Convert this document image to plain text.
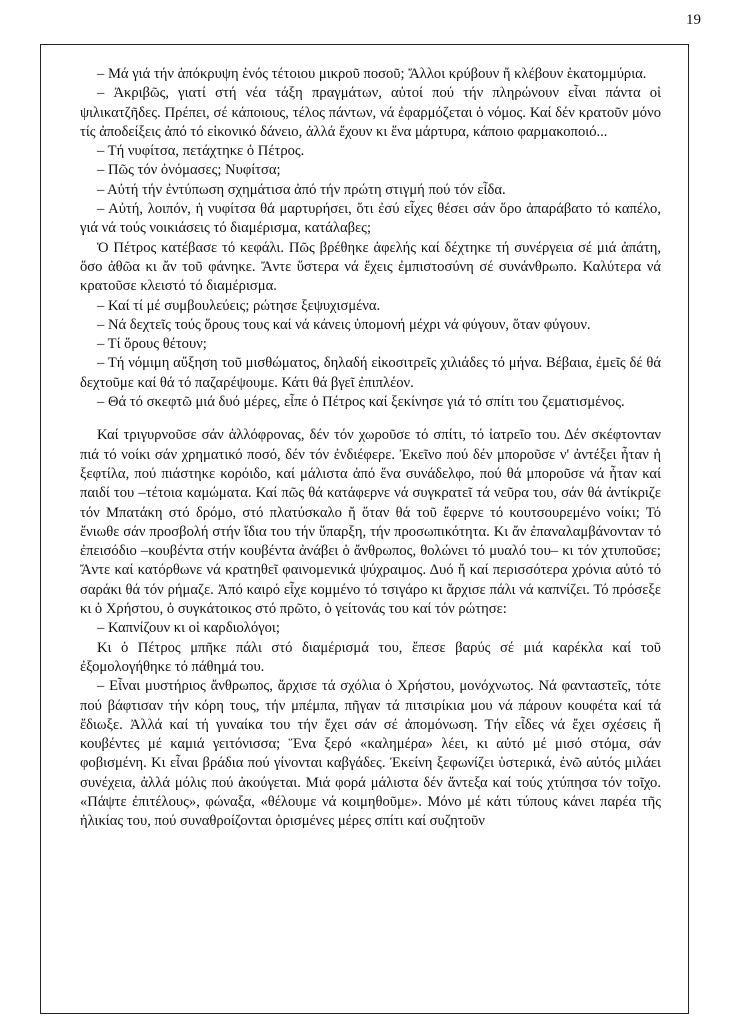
19

– Μά γιά τήν ἀπόκρυψη ἑνός τέτοιου μικροῦ ποσοῦ; Ἄλλοι κρύβουν ἤ κλέβουν ἑκατομμύρια.

– Ἀκριβῶς, γιατί στή νέα τάξη πραγμάτων, αὐτοί πού τήν πληρώνουν εἶναι πάντα οἱ ψιλικατζῆδες. Πρέπει, σέ κάποιους, τέλος πάντων, νά ἐφαρμόζεται ὁ νόμος. Καί δέν κρατοῦν μόνο τίς ἀποδείξεις ἀπό τό εἰκονικό δάνειο, ἀλλά ἔχουν κι ἕνα μάρτυρα, κάποιο φαρμακοποιό...

– Τή νυφίτσα, πετάχτηκε ὁ Πέτρος.

– Πῶς τόν ὀνόμασες; Νυφίτσα;

– Αὐτή τήν ἐντύπωση σχημάτισα ἀπό τήν πρώτη στιγμή πού τόν εἶδα.

– Αὐτή, λοιπόν, ἡ νυφίτσα θά μαρτυρήσει, ὅτι ἐσύ εἶχες θέσει σάν ὅρο ἀπαράβατο τό καπέλο, γιά νά τούς νοικιάσεις τό διαμέρισμα, κατάλαβες;

Ὁ Πέτρος κατέβασε τό κεφάλι. Πῶς βρέθηκε ἀφελής καί δέχτηκε τή συνέργεια σέ μιά ἀπάτη, ὅσο ἀθῶα κι ἄν τοῦ φάνηκε. Ἄντε ὕστερα νά ἔχεις ἐμπιστοσύνη σέ συνάνθρωπο. Καλύτερα νά κρατοῦσε κλειστό τό διαμέρισμα.

– Καί τί μέ συμβουλεύεις; ρώτησε ξεψυχισμένα.

– Νά δεχτεῖς τούς ὅρους τους καί νά κάνεις ὑπομονή μέχρι νά φύγουν, ὅταν φύγουν.

– Τί ὅρους θέτουν;

– Τή νόμιμη αὔξηση τοῦ μισθώματος, δηλαδή εἰκοσιτρεῖς χιλιάδες τό μήνα. Βέβαια, ἐμεῖς δέ θά δεχτοῦμε καί θά τό παζαρέψουμε. Κάτι θά βγεῖ ἐπιπλέον.

– Θά τό σκεφτῶ μιά δυό μέρες, εἶπε ὁ Πέτρος καί ξεκίνησε γιά τό σπίτι του ζεματισμένος.

Καί τριγυρνοῦσε σάν ἀλλόφρονας, δέν τόν χωροῦσε τό σπίτι, τό ἰατρεῖο του. Δέν σκέφτονταν πιά τό νοίκι σάν χρηματικό ποσό, δέν τόν ἐνδιέφερε. Ἐκεῖνο πού δέν μποροῦσε ν' ἀντέξει ἦταν ἡ ξεφτίλα, πού πιάστηκε κορόιδο, καί μάλιστα ἀπό ἕνα συνάδελφο, πού θά μποροῦσε νά ἦταν καί παιδί του –τέτοια καμώματα. Καί πῶς θά κατάφερνε νά συγκρατεῖ τά νεῦρα του, σάν θά ἀντίκριζε τόν Μπατάκη στό δρόμο, στό πλατύσκαλο ἤ ὅταν θά τοῦ ἔφερνε τό κουτσουρεμένο νοίκι; Τό ἔνιωθε σάν προσβολή στήν ἴδια του τήν ὕπαρξη, τήν προσωπικότητα. Κι ἄν ἐπαναλαμβάνονταν τό ἐπεισόδιο –κουβέντα στήν κουβέντα ἀνάβει ὁ ἄνθρωπος, θολώνει τό μυαλό του– κι τόν χτυποῦσε; Ἄντε καί κατόρθωνε νά κρατηθεῖ φαινομενικά ψύχραιμος. Δυό ἤ καί περισσότερα χρόνια αὐτό τό σαράκι θά τόν ρήμαζε. Ἀπό καιρό εἶχε κομμένο τό τσιγάρο κι ἄρχισε πάλι νά καπνίζει. Τό πρόσεξε κι ὁ Χρήστου, ὁ συγκάτοικος στό πρῶτο, ὁ γείτονάς του καί τόν ρώτησε:

– Καπνίζουν κι οἱ καρδιολόγοι;

Κι ὁ Πέτρος μπῆκε πάλι στό διαμέρισμά του, ἔπεσε βαρύς σέ μιά καρέκλα καί τοῦ ἐξομολογήθηκε τό πάθημά του.

– Εἶναι μυστήριος ἄνθρωπος, ἄρχισε τά σχόλια ὁ Χρήστου, μονόχνωτος. Νά φανταστεῖς, τότε πού βάφτισαν τήν κόρη τους, τήν μπέμπα, πῆγαν τά πιτσιρίκια μου νά πάρουν κουφέτα καί τά ἔδιωξε. Ἀλλά καί τή γυναίκα του τήν ἔχει σάν σέ ἀπομόνωση. Τήν εἶδες νά ἔχει σχέσεις ἤ κουβέντες μέ καμιά γειτόνισσα; Ἕνα ξερό «καλημέρα» λέει, κι αὐτό μέ μισό στόμα, σάν φοβισμένη. Κι εἶναι βράδια πού γίνονται καβγάδες. Ἐκείνη ξεφωνίζει ὑστερικά, ἐνῶ αὐτός μιλάει συνέχεια, ἀλλά μόλις πού ἀκούγεται. Μιά φορά μάλιστα δέν ἄντεξα καί τούς χτύπησα τόν τοῖχο. «Πάψτε ἐπιτέλους», φώναξα, «θέλουμε νά κοιμηθοῦμε». Μόνο μέ κάτι τύπους κάνει παρέα τῆς ἡλικίας του, πού συναθροίζονται ὁρισμένες μέρες σπίτι καί συζητοῦν
